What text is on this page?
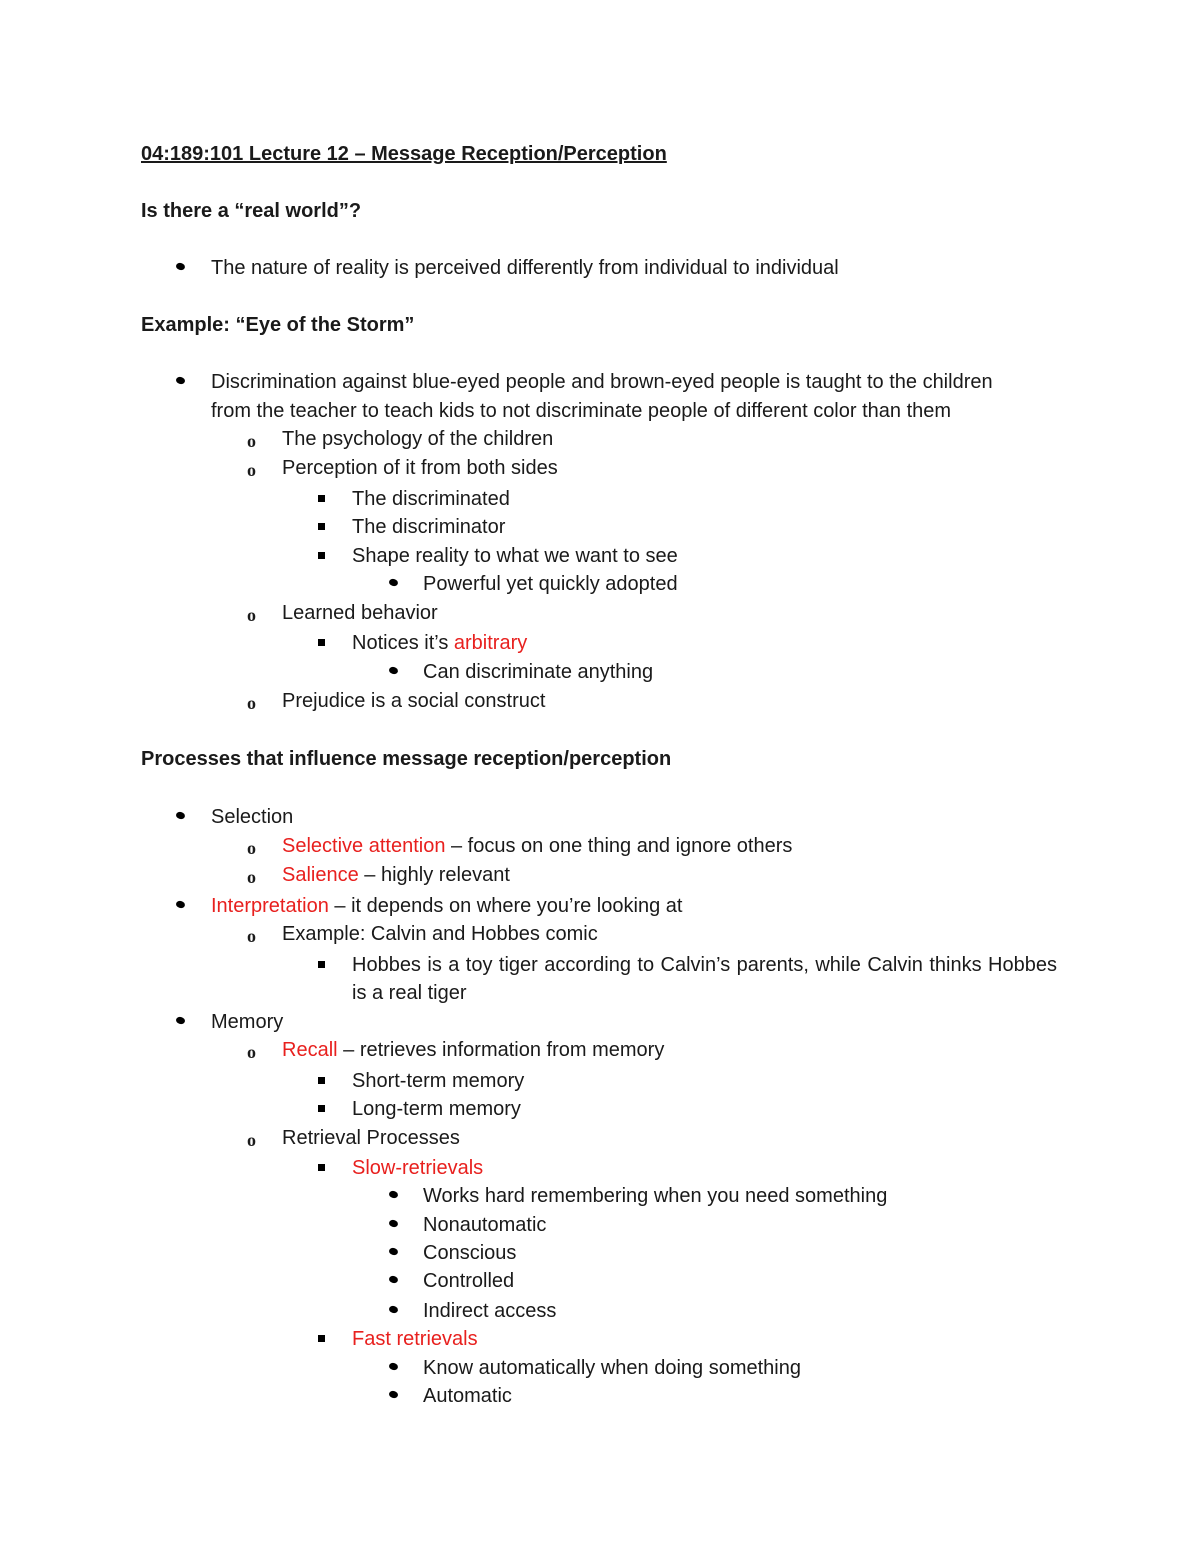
04:189:101 Lecture 12 – Message Reception/Perception
Is there a “real world”?
The nature of reality is perceived differently from individual to individual
Example: “Eye of the Storm”
Discrimination against blue-eyed people and brown-eyed people is taught to the children
from the teacher to teach kids to not discriminate people of different color than them
o The psychology of the children
o Perception of it from both sides
The discriminated
The discriminator
Shape reality to what we want to see
Powerful yet quickly adopted
o Learned behavior
Notices it’s arbitrary
Can discriminate anything
o Prejudice is a social construct
Processes that influence message reception/perception
Selection
o Selective attention – focus on one thing and ignore others
o Salience – highly relevant
Interpretation – it depends on where you’re looking at
o Example: Calvin and Hobbes comic
Hobbes is a toy tiger according to Calvin’s parents, while Calvin thinks Hobbes is a real tiger
Memory
o Recall – retrieves information from memory
Short-term memory
Long-term memory
o Retrieval Processes
Slow-retrievals
Works hard remembering when you need something
Nonautomatic
Conscious
Controlled
Indirect access
Fast retrievals
Know automatically when doing something
Automatic
